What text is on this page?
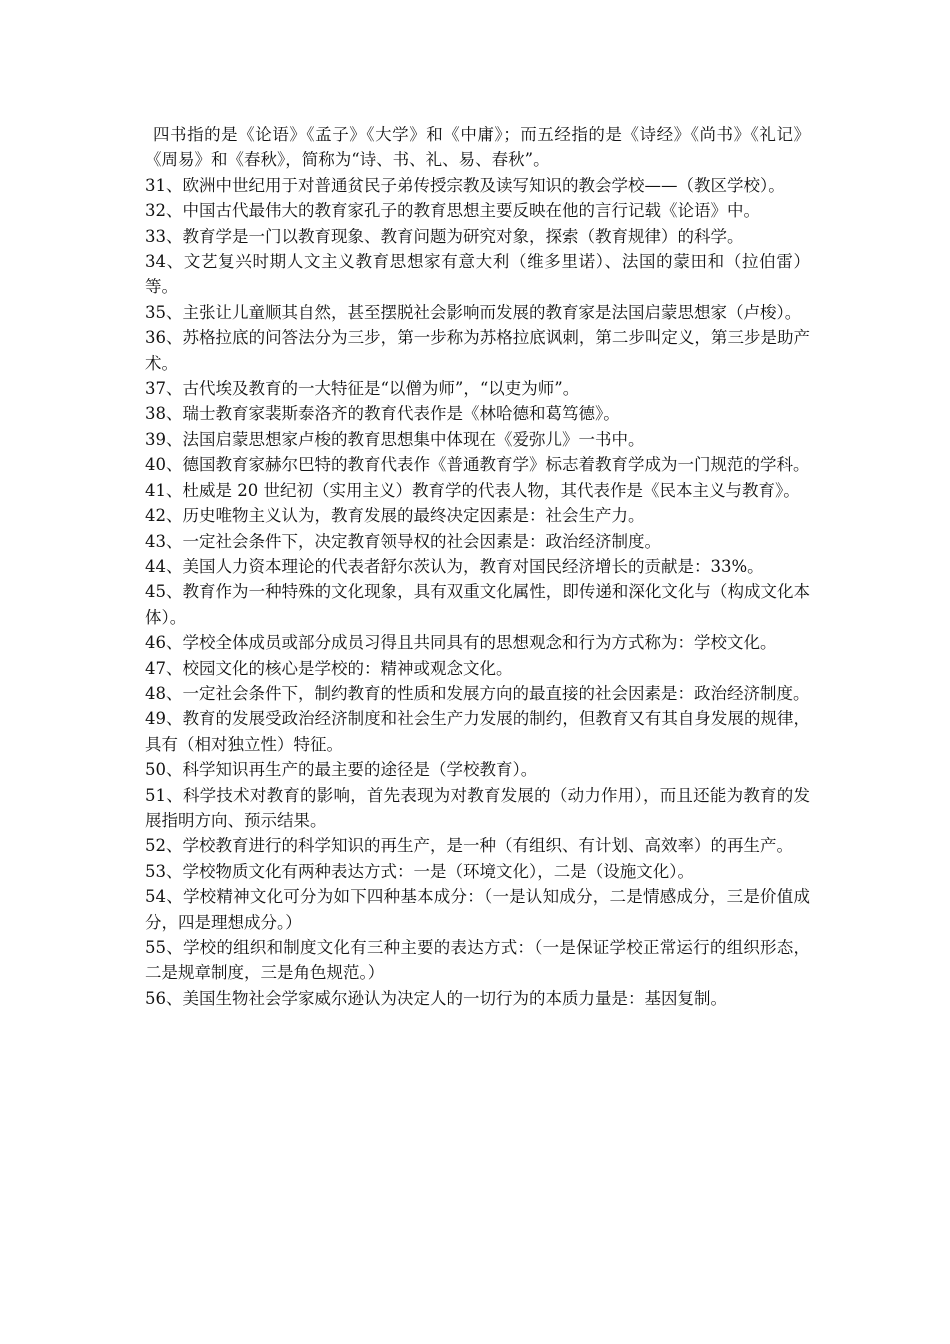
四书指的是《论语》《孟子》《大学》和《中庸》；而五经指的是《诗经》《尚书》《礼记》《周易》和《春秋》，简称为“诗、书、礼、易、春秋”。

31、欧洲中世纪用于对普通贫民子弟传授宗教及读写知识的教会学校——（教区学校）。

32、中国古代最伟大的教育家孔子的教育思想主要反映在他的言行记载《论语》中。

33、教育学是一门以教育现象、教育问题为研究对象，探索（教育规律）的科学。

34、文艺复兴时期人文主义教育思想家有意大利（维多里诺）、法国的蒙田和（拉伯雷）等。

35、主张让儿童顺其自然，甚至摆脱社会影响而发展的教育家是法国启蒙思想家（卢梭）。

36、苏格拉底的问答法分为三步，第一步称为苏格拉底讽刺，第二步叫定义，第三步是助产术。

37、古代埃及教育的一大特征是“以僧为师”，“以吏为师”。

38、瑞士教育家裴斯泰洛齐的教育代表作是《林哈德和葛笃德》。

39、法国启蒙思想家卢梭的教育思想集中体现在《爱弥儿》一书中。

40、德国教育家赫尔巴特的教育代表作《普通教育学》标志着教育学成为一门规范的学科。

41、杜威是 20 世纪初（实用主义）教育学的代表人物，其代表作是《民本主义与教育》。

42、历史唯物主义认为，教育发展的最终决定因素是：社会生产力。

43、一定社会条件下，决定教育领导权的社会因素是：政治经济制度。

44、美国人力资本理论的代表者舒尔茨认为，教育对国民经济增长的贡献是：33%。

45、教育作为一种特殊的文化现象，具有双重文化属性，即传递和深化文化与（构成文化本体）。

46、学校全体成员或部分成员习得且共同具有的思想观念和行为方式称为：学校文化。

47、校园文化的核心是学校的：精神或观念文化。

48、一定社会条件下，制约教育的性质和发展方向的最直接的社会因素是：政治经济制度。

49、教育的发展受政治经济制度和社会生产力发展的制约，但教育又有其自身发展的规律，具有（相对独立性）特征。

50、科学知识再生产的最主要的途径是（学校教育）。

51、科学技术对教育的影响，首先表现为对教育发展的（动力作用），而且还能为教育的发展指明方向、预示结果。

52、学校教育进行的科学知识的再生产，是一种（有组织、有计划、高效率）的再生产。

53、学校物质文化有两种表达方式：一是（环境文化），二是（设施文化）。

54、学校精神文化可分为如下四种基本成分：（一是认知成分，二是情感成分，三是价值成分，四是理想成分。）

55、学校的组织和制度文化有三种主要的表达方式：（一是保证学校正常运行的组织形态，二是规章制度，三是角色规范。）

56、美国生物社会学家威尔逊认为决定人的一切行为的本质力量是：基因复制。
